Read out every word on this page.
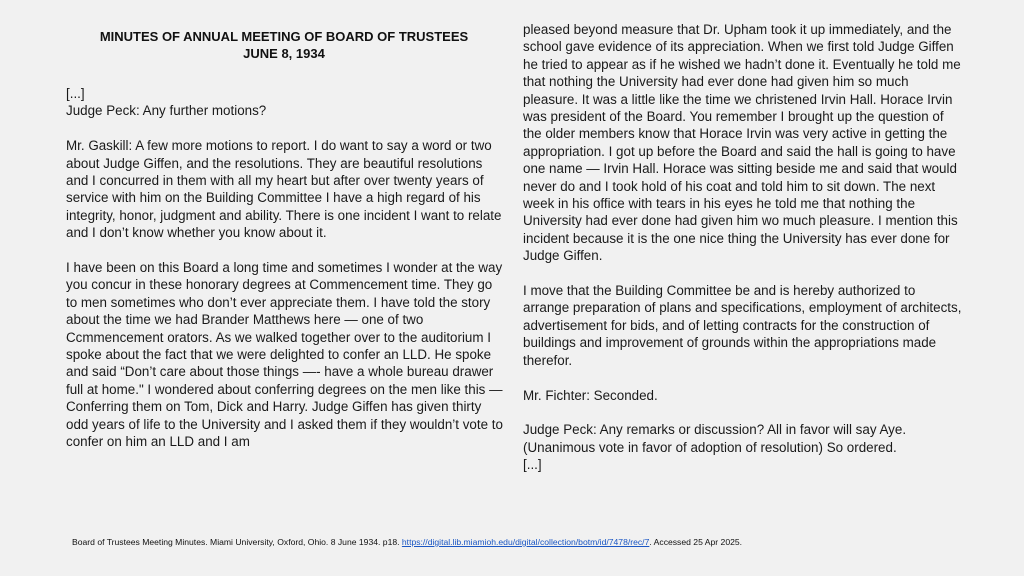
MINUTES OF ANNUAL MEETING OF BOARD OF TRUSTEES
JUNE 8, 1934

[...]

Judge Peck: Any further motions?

Mr. Gaskill: A few more motions to report. I do want to say a word or two about Judge Giffen, and the resolutions. They are beautiful resolutions and I concurred in them with all my heart but after over twenty years of service with him on the Building Committee I have a high regard of his integrity, honor, judgment and ability. There is one incident I want to relate and I don’t know whether you know about it.

I have been on this Board a long time and sometimes I wonder at the way you concur in these honorary degrees at Commencement time. They go to men sometimes who don’t ever appreciate them. I have told the story about the time we had Brander Matthews here — one of two Ccmmencement orators. As we walked together over to the auditorium I spoke about the fact that we were delighted to confer an LLD. He spoke and said “Don’t care about those things —- have a whole bureau drawer full at home." I wondered about conferring degrees on the men like this — Conferring them on Tom, Dick and Harry. Judge Giffen has given thirty odd years of life to the University and I asked them if they wouldn’t vote to confer on him an LLD and I am

pleased beyond measure that Dr. Upham took it up immediately, and the school gave evidence of its appreciation. When we first told Judge Giffen he tried to appear as if he wished we hadn’t done it. Eventually he told me that nothing the University had ever done had given him so much pleasure. It was a little like the time we christened Irvin Hall. Horace Irvin was president of the Board. You remember I brought up the question of the older members know that Horace Irvin was very active in getting the appropriation. I got up before the Board and said the hall is going to have one name — Irvin Hall. Horace was sitting beside me and said that would never do and I took hold of his coat and told him to sit down. The next week in his office with tears in his eyes he told me that nothing the University had ever done had given him wo much pleasure. I mention this incident because it is the one nice thing the University has ever done for Judge Giffen.

I move that the Building Committee be and is hereby authorized to arrange preparation of plans and specifications, employment of architects, advertisement for bids, and of letting contracts for the construction of buildings and improvement of grounds within the appropriations made therefor.

Mr. Fichter: Seconded.

Judge Peck: Any remarks or discussion? All in favor will say Aye.

(Unanimous vote in favor of adoption of resolution) So ordered.

[...]

Board of Trustees Meeting Minutes. Miami University, Oxford, Ohio. 8 June 1934. p18. https://digital.lib.miamioh.edu/digital/collection/botm/id/7478/rec/7. Accessed 25 Apr 2025.
